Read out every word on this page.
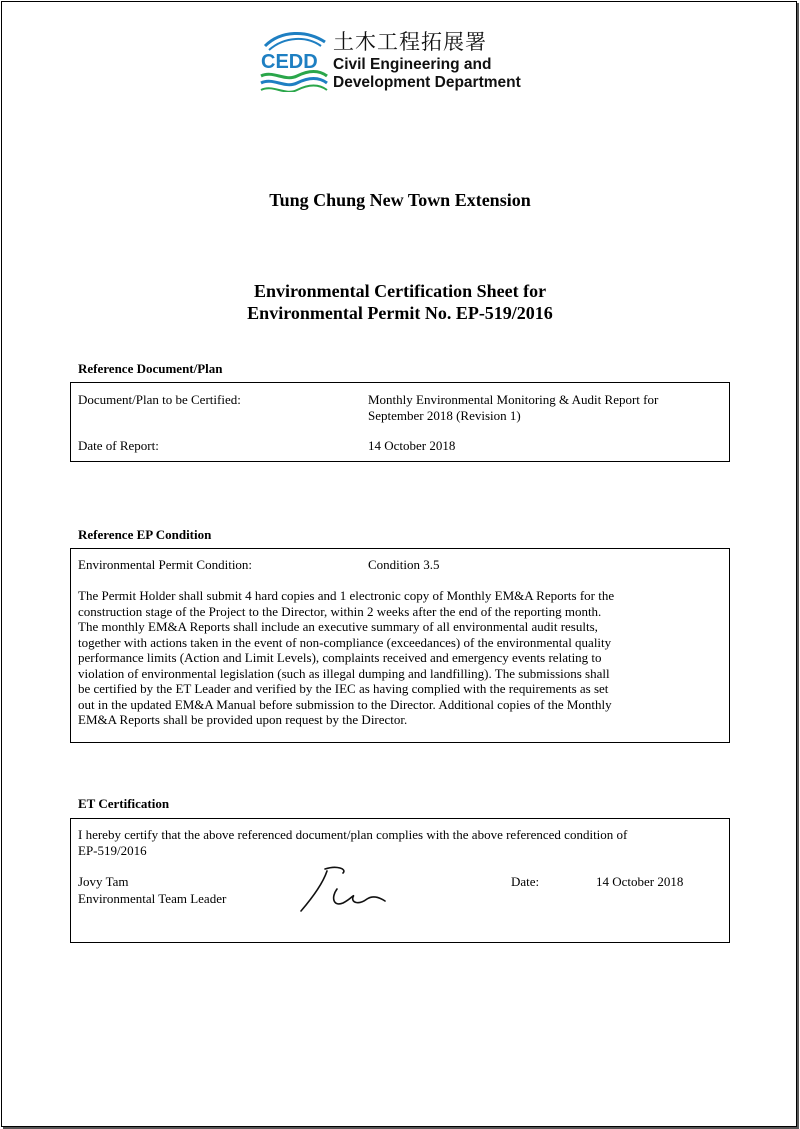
CEDD
土木工程拓展署
Civil Engineering and
Development Department
Tung Chung New Town Extension
Environmental Certification Sheet for
Environmental Permit No. EP-519/2016
Reference Document/Plan
Document/Plan to be Certified:	Monthly Environmental Monitoring & Audit Report for
September 2018 (Revision 1)
Date of Report:	14 October 2018
Reference EP Condition
Environmental Permit Condition:	Condition 3.5
The Permit Holder shall submit 4 hard copies and 1 electronic copy of Monthly EM&A Reports for the
construction stage of the Project to the Director, within 2 weeks after the end of the reporting month.
The monthly EM&A Reports shall include an executive summary of all environmental audit results,
together with actions taken in the event of non-compliance (exceedances) of the environmental quality
performance limits (Action and Limit Levels), complaints received and emergency events relating to
violation of environmental legislation (such as illegal dumping and landfilling). The submissions shall
be certified by the ET Leader and verified by the IEC as having complied with the requirements as set
out in the updated EM&A Manual before submission to the Director. Additional copies of the Monthly
EM&A Reports shall be provided upon request by the Director.
ET Certification
I hereby certify that the above referenced document/plan complies with the above referenced condition of
EP-519/2016
Jovy Tam
Environmental Team Leader
Date:	14 October 2018
